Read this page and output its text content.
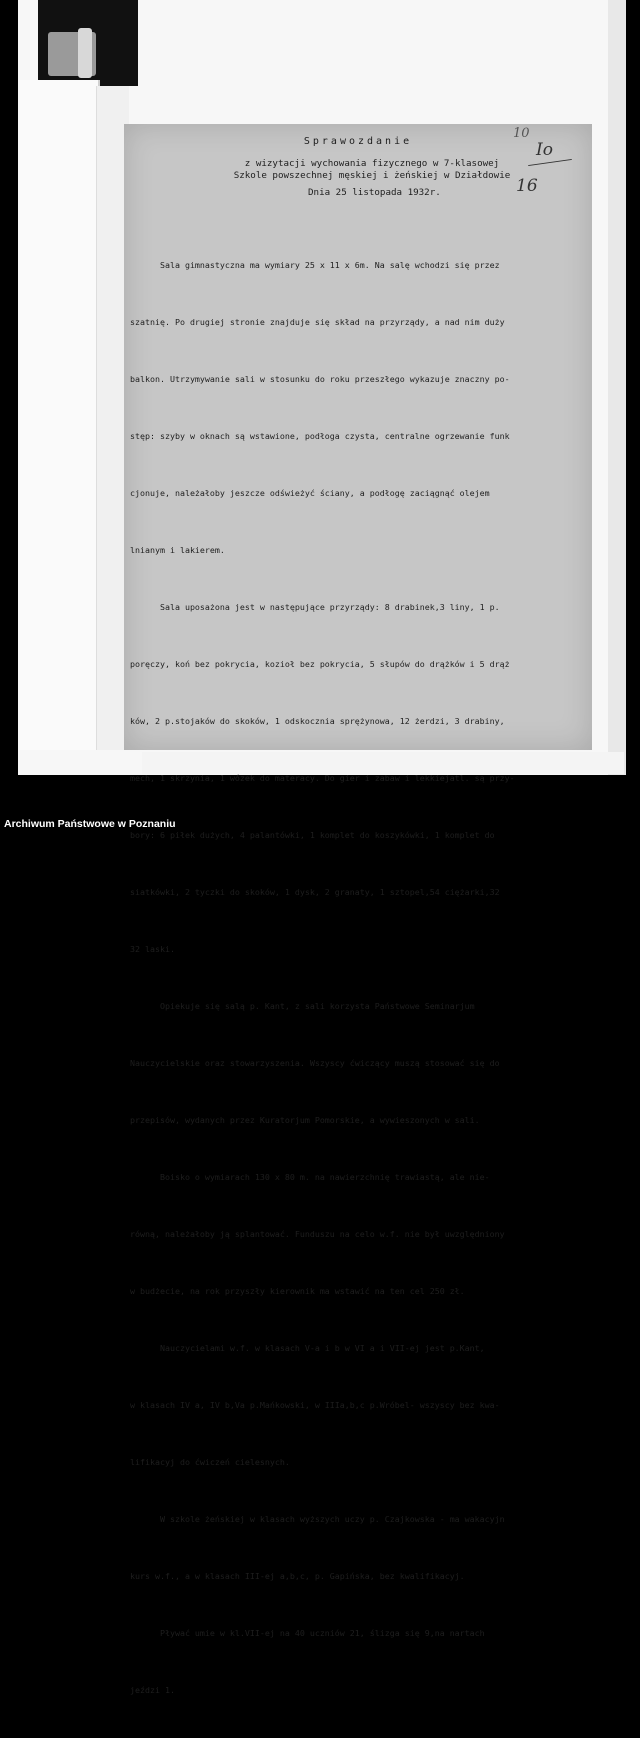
Sprawozdanie
z wizytacji wychowania fizycznego w 7-klasowej
Szkole powszechnej męskiej i żeńskiej w Działdowie
Dnia 25 listopada 1932r.
10
Io
16

Sala gimnastyczna ma wymiary 25 x 11 x 6m. Na salę wchodzi się przez

szatnię. Po drugiej stronie znajduje się skład na przyrządy, a nad nim duży

balkon. Utrzymywanie sali w stosunku do roku przeszłego wykazuje znaczny po-

stęp: szyby w oknach są wstawione, podłoga czysta, centralne ogrzewanie funk

cjonuje, należałoby jeszcze odświeżyć ściany, a podłogę zaciągnąć olejem

lnianym i lakierem.

Sala uposażona jest w następujące przyrządy: 8 drabinek,3 liny, 1 p.

poręczy, koń bez pokrycia, kozioł bez pokrycia, 5 słupów do drążków i 5 drąż

ków, 2 p.stojaków do skoków, 1 odskocznia sprężynowa, 12 żerdzi, 3 drabiny,

mech, 1 skrzynia, 1 wózek do materacy. Do gier i zabaw i lekkiejatl. są przy-

bory: 6 piłek dużych, 4 palantówki, 1 komplet do koszykówki, 1 komplet do

siatkówki, 2 tyczki do skoków, 1 dysk, 2 granaty, 1 sztopel,54 ciężarki,32

32 laski.

Opiekuje się salą p. Kant, z sali korzysta Państwowe Seminarjum

Nauczycielskie oraz stowarzyszenia. Wszyscy ćwiczący muszą stosować się do

przepisów, wydanych przez Kuratorjum Pomorskie, a wywieszonych w sali.

Boisko o wymiarach 130 x 80 m. na nawierzchnię trawiastą, ale nie-

równą, należałoby ją splantować. Funduszu na celo w.f. nie był uwzględniony

w budżecie, na rok przyszły kierownik ma wstawić na ten cel 250 zł.

Nauczycielami w.f. w klasach V-a i b w VI a i VII-ej jest p.Kant,

w klasach IV a, IV b,Va p.Mańkowski, w IIIa,b,c p.Wróbel- wszyscy bez kwa-

lifikacyj do ćwiczeń cielesnych.

W szkole żeńskiej w klasach wyższych uczy p. Czajkowska - ma wakacyjn

kurs w.f., a w klasach III-ej a,b,c, p. Gapińska, bez kwalifikacyj.

Pływać umie w kl.VII-ej na 40 uczniów 21, ślizga się 9,na nartach

jeździ 1.

Archiwum Państwowe w Poznaniu
